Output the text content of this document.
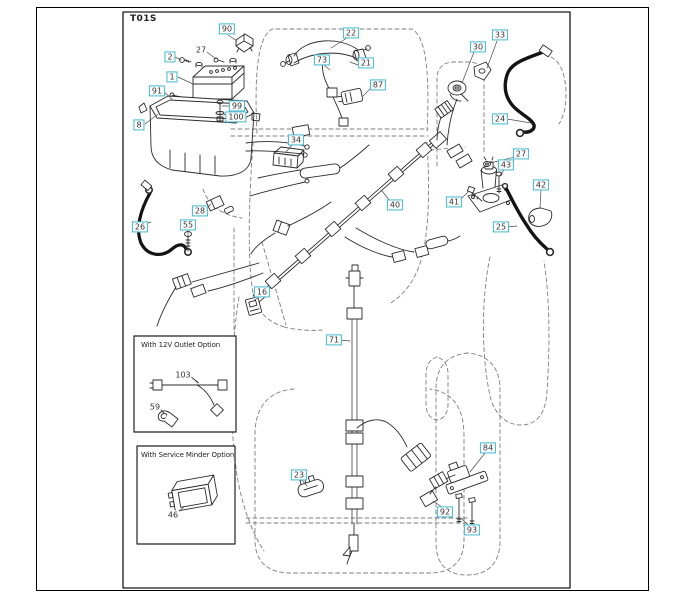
T01S
With 12V Outlet Option
With Service Minder Option
90
27
2
1
91
99
100
8
22
73	21
87
30
33
24
34
40
28
55
26
16
41
27
43
42
25
71
23
84
92
93
103
59
46
